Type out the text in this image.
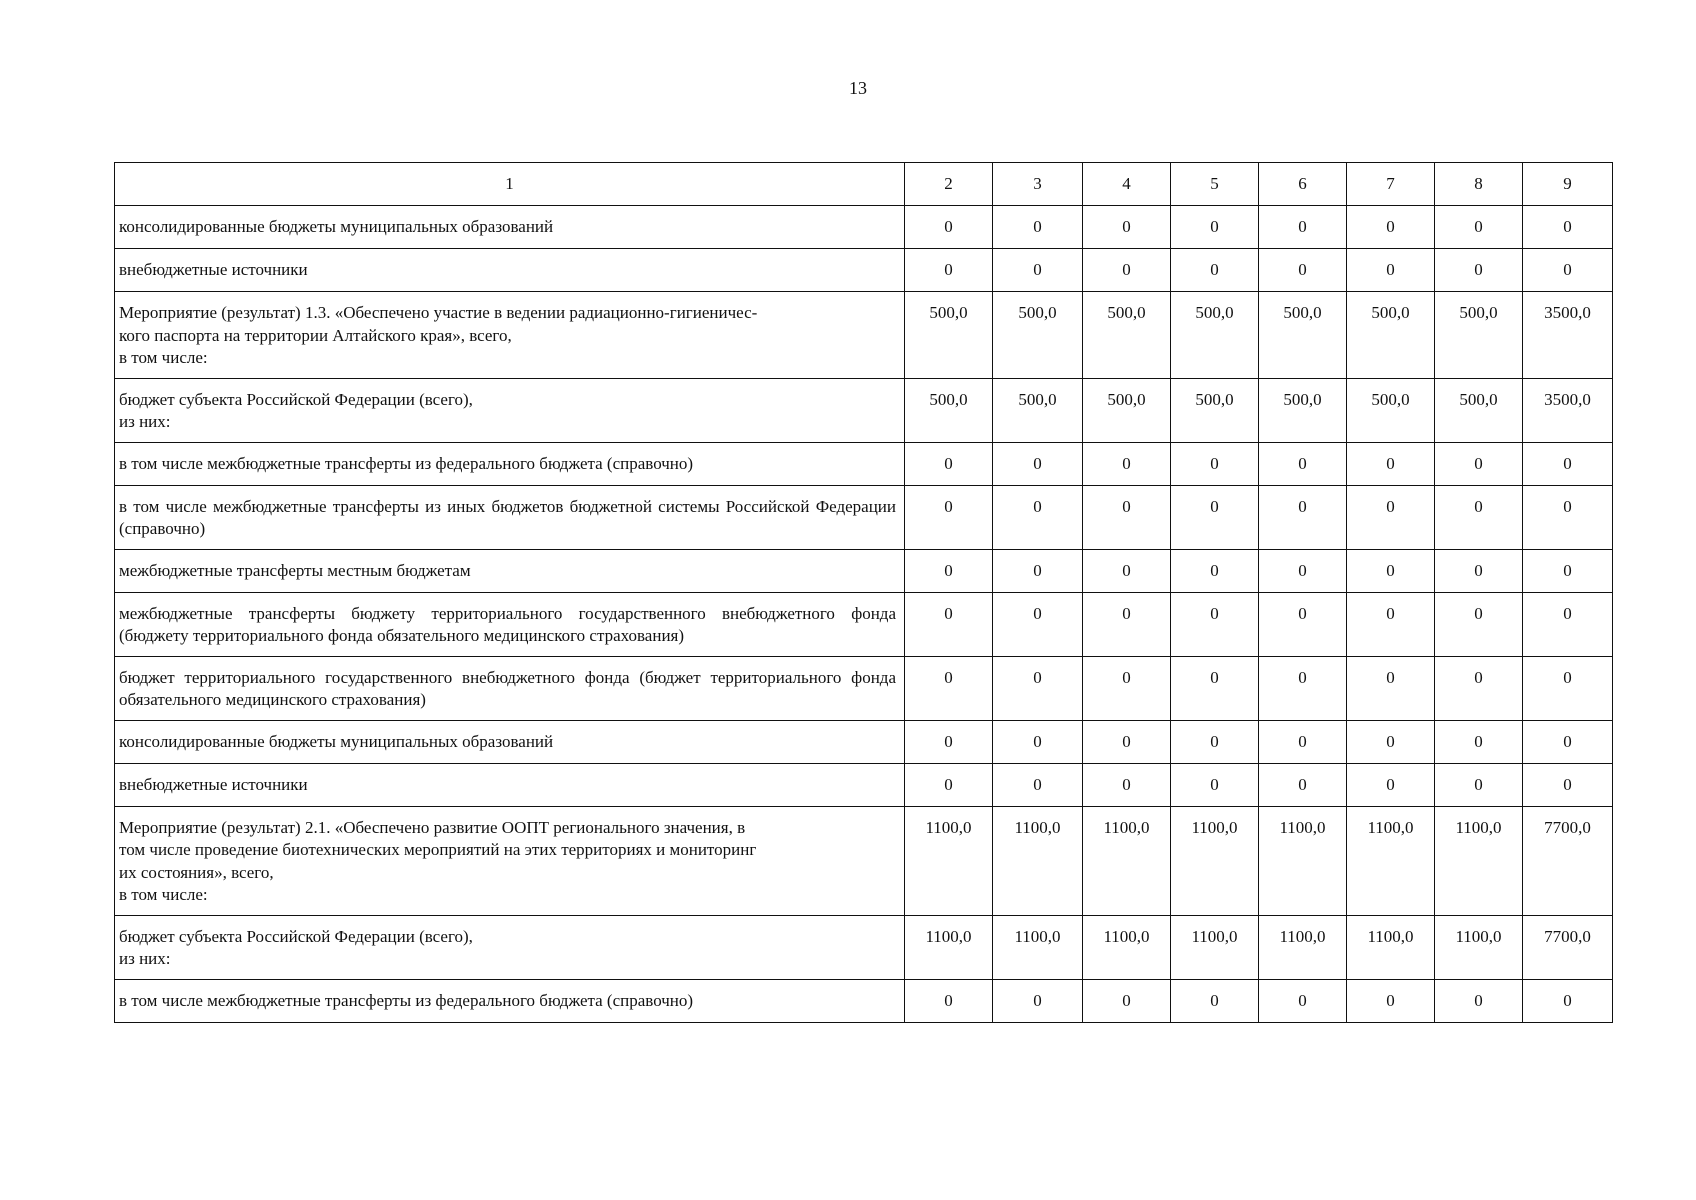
13
1	2	3	4	5	6	7	8	9

консолидированные бюджеты муниципальных образований	0	0	0	0	0	0	0	0

внебюджетные источники	0	0	0	0	0	0	0	0

Мероприятие (результат) 1.3. «Обеспечено участие в ведении радиационно-гигиеничес-
кого паспорта на территории Алтайского края», всего,
в том числе:	500,0	500,0	500,0	500,0	500,0	500,0	500,0	3500,0

бюджет субъекта Российской Федерации (всего),
из них:	500,0	500,0	500,0	500,0	500,0	500,0	500,0	3500,0

в том числе межбюджетные трансферты из федерального бюджета (справочно)	0	0	0	0	0	0	0	0

в том числе межбюджетные трансферты из иных бюджетов бюджетной системы Российской Федерации (справочно)	0	0	0	0	0	0	0	0

межбюджетные трансферты местным бюджетам	0	0	0	0	0	0	0	0

межбюджетные трансферты бюджету территориального государственного внебюджетного фонда (бюджету территориального фонда обязательного медицинского страхования)	0	0	0	0	0	0	0	0

бюджет территориального государственного внебюджетного фонда (бюджет территориального фонда обязательного медицинского страхования)	0	0	0	0	0	0	0	0

консолидированные бюджеты муниципальных образований	0	0	0	0	0	0	0	0

внебюджетные источники	0	0	0	0	0	0	0	0

Мероприятие (результат) 2.1. «Обеспечено развитие ООПТ регионального значения, в
том числе проведение биотехнических мероприятий на этих территориях и мониторинг
их состояния», всего,
в том числе:	1100,0	1100,0	1100,0	1100,0	1100,0	1100,0	1100,0	7700,0

бюджет субъекта Российской Федерации (всего),
из них:	1100,0	1100,0	1100,0	1100,0	1100,0	1100,0	1100,0	7700,0

в том числе межбюджетные трансферты из федерального бюджета (справочно)	0	0	0	0	0	0	0	0
